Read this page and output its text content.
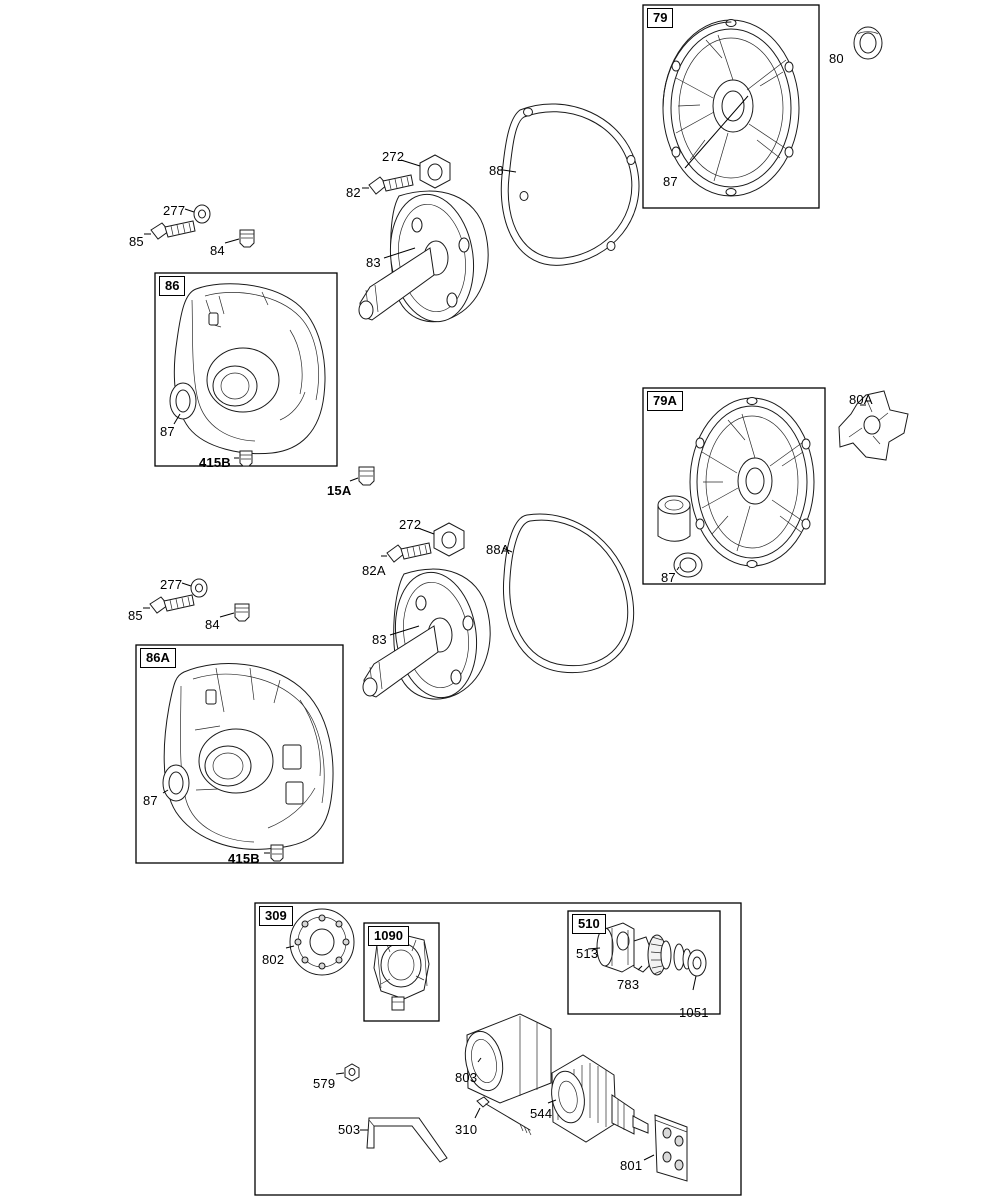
79
86
79A
86A
309
1090
510
80
87
272
88
82
277
84
85
83
87
415B
15A
80A
87
272
88A
82A
277
84
85
83
87
415B
802	513
783
1051
579	803
544
503	310
801
